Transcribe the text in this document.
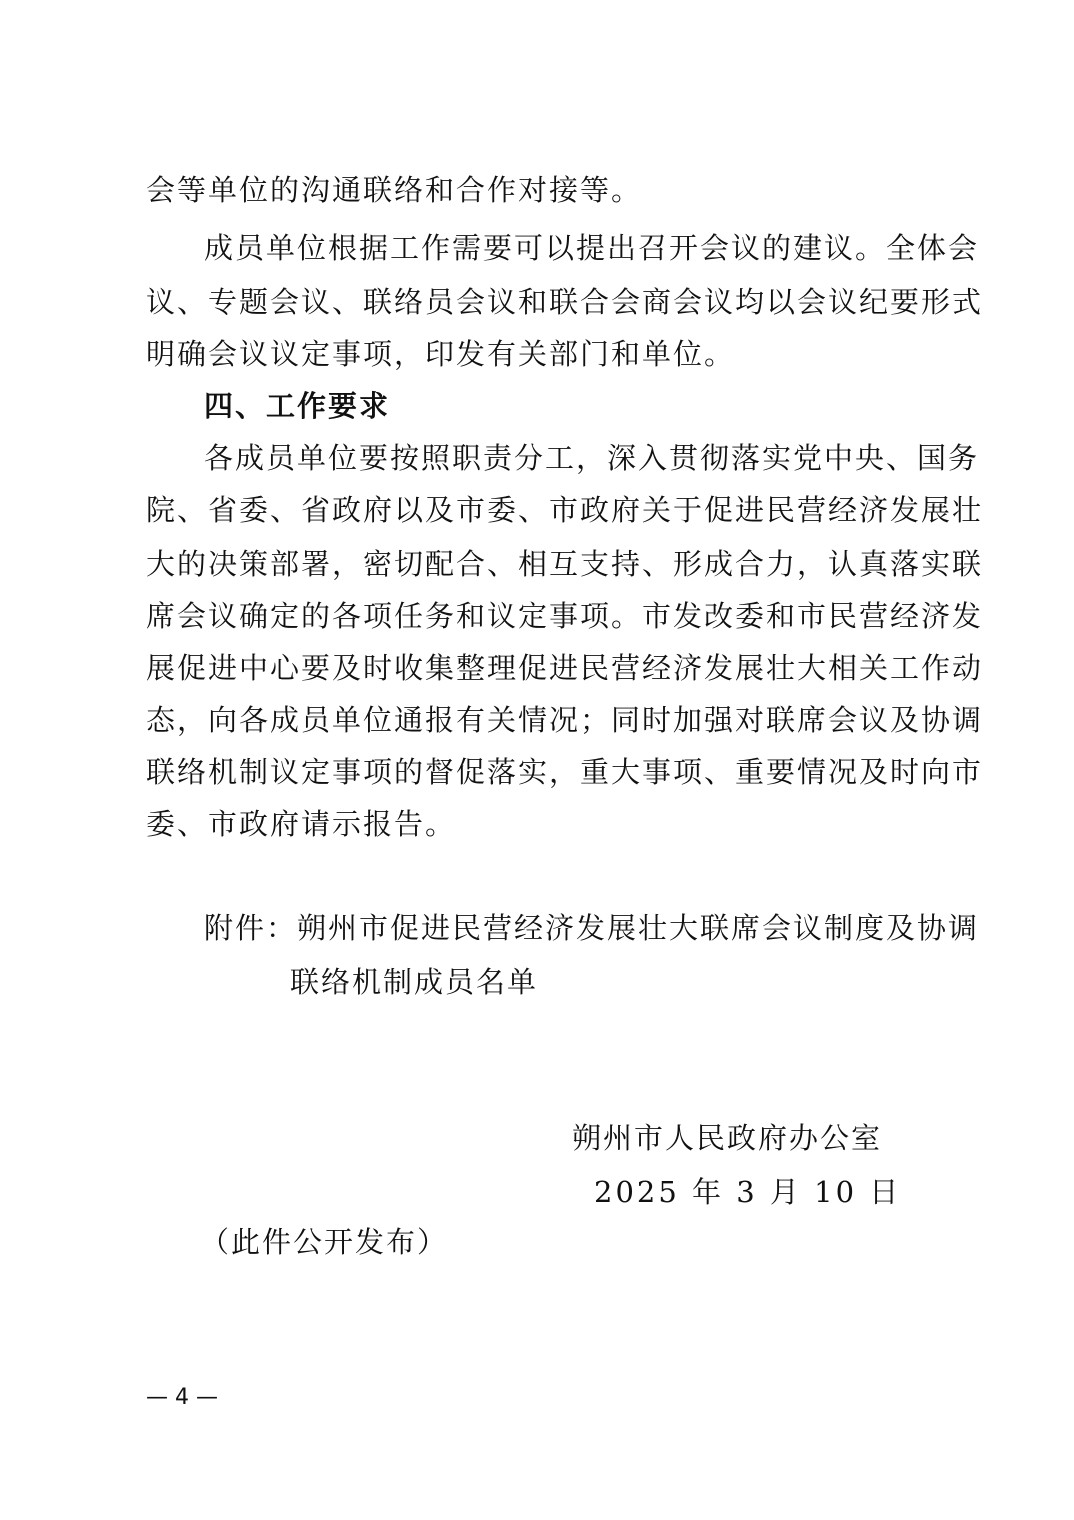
会等单位的沟通联络和合作对接等。
成员单位根据工作需要可以提出召开会议的建议。全体会
议、专题会议、联络员会议和联合会商会议均以会议纪要形式
明确会议议定事项，印发有关部门和单位。
四、工作要求
各成员单位要按照职责分工，深入贯彻落实党中央、国务
院、省委、省政府以及市委、市政府关于促进民营经济发展壮
大的决策部署，密切配合、相互支持、形成合力，认真落实联
席会议确定的各项任务和议定事项。市发改委和市民营经济发
展促进中心要及时收集整理促进民营经济发展壮大相关工作动
态，向各成员单位通报有关情况；同时加强对联席会议及协调
联络机制议定事项的督促落实，重大事项、重要情况及时向市
委、市政府请示报告。
附件：朔州市促进民营经济发展壮大联席会议制度及协调
联络机制成员名单
朔州市人民政府办公室
2025 年 3 月 10 日
（此件公开发布）
— 4 —
